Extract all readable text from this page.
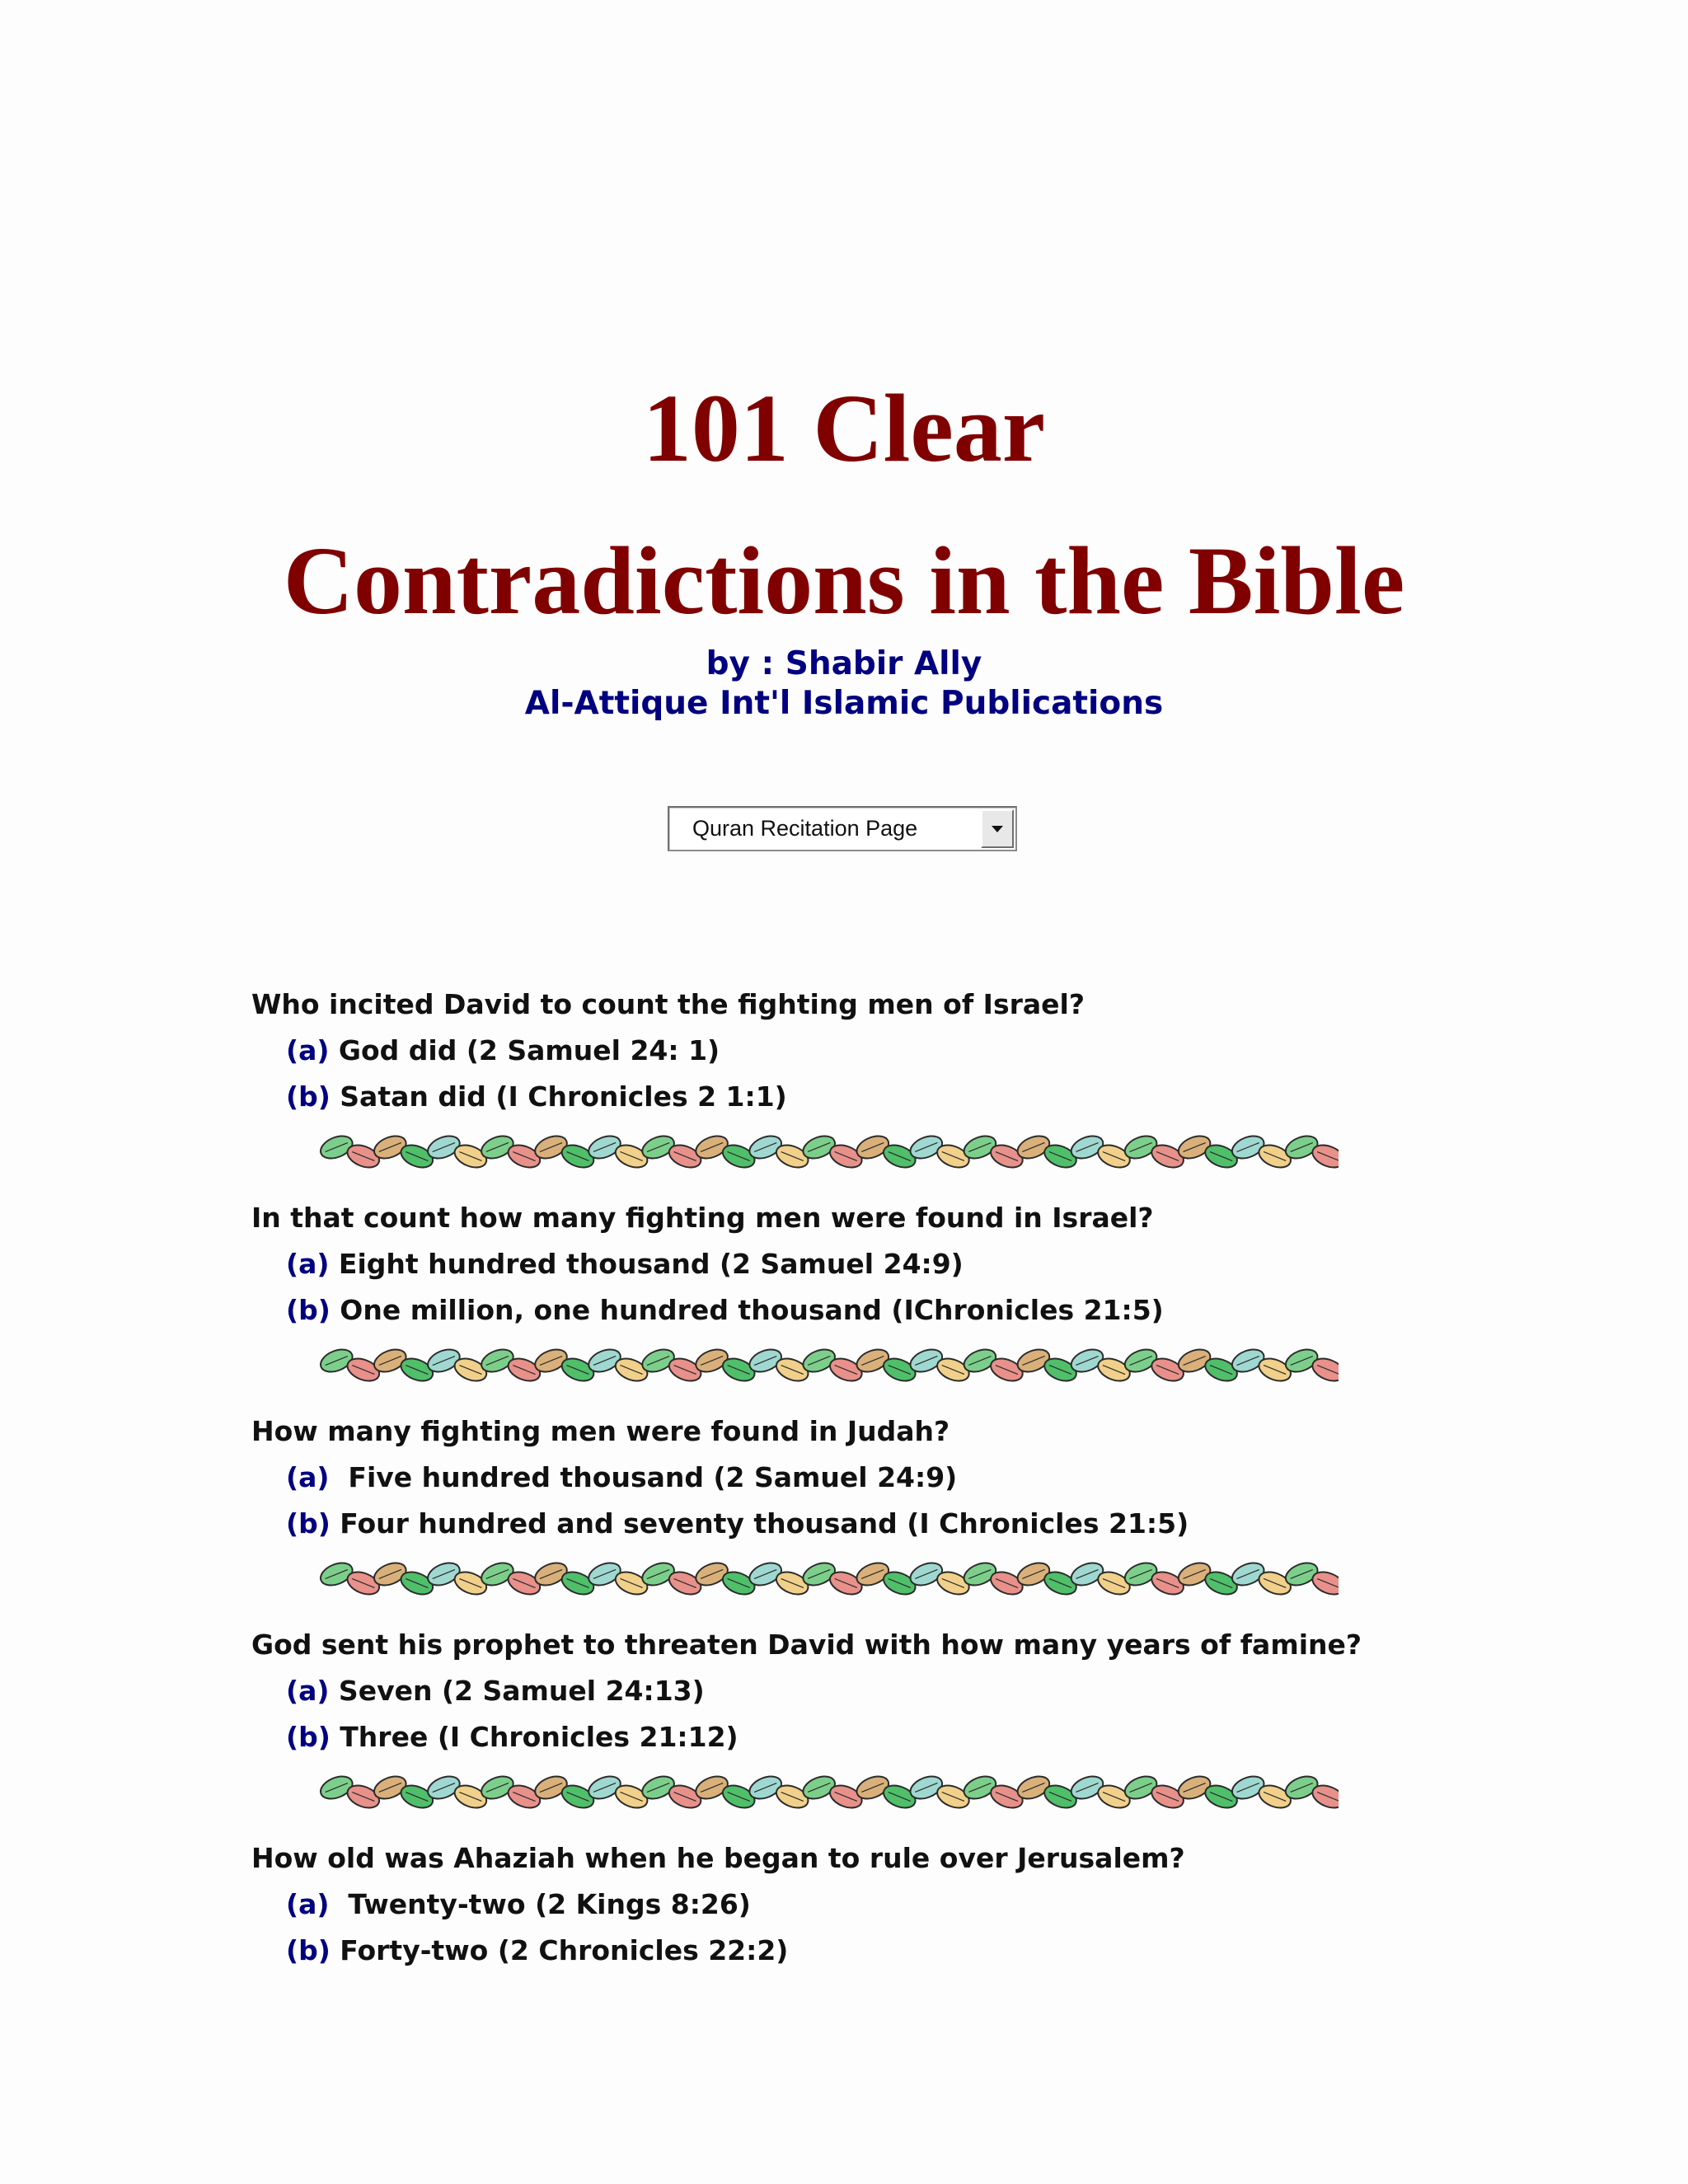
101 Clear
Contradictions in the Bible
by : Shabir Ally
Al-Attique Int'l Islamic Publications
Quran Recitation Page
Who incited David to count the fighting men of Israel?
(a) God did (2 Samuel 24: 1)
(b) Satan did (I Chronicles 2 1:1)
In that count how many fighting men were found in Israel?
(a) Eight hundred thousand (2 Samuel 24:9)
(b) One million, one hundred thousand (IChronicles 21:5)
How many fighting men were found in Judah?
(a)  Five hundred thousand (2 Samuel 24:9)
(b) Four hundred and seventy thousand (I Chronicles 21:5)
God sent his prophet to threaten David with how many years of famine?
(a) Seven (2 Samuel 24:13)
(b) Three (I Chronicles 21:12)
How old was Ahaziah when he began to rule over Jerusalem?
(a)  Twenty-two (2 Kings 8:26)
(b) Forty-two (2 Chronicles 22:2)
